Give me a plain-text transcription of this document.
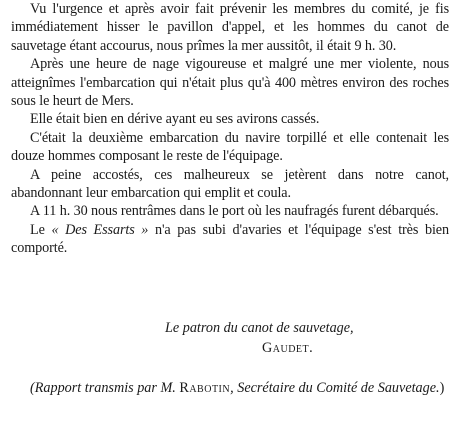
Vu l'urgence et après avoir fait prévenir les membres du comité, je fis immédiatement hisser le pavillon d'appel, et les hommes du canot de sauvetage étant accourus, nous prîmes la mer aussitôt, il était 9 h. 30.

Après une heure de nage vigoureuse et malgré une mer violente, nous atteignîmes l'embarcation qui n'était plus qu'à 400 mètres environ des roches sous le heurt de Mers.

Elle était bien en dérive ayant eu ses avirons cassés.

C'était la deuxième embarcation du navire torpillé et elle contenait les douze hommes composant le reste de l'équipage.

A peine accostés, ces malheureux se jetèrent dans notre canot, abandonnant leur embarcation qui emplit et coula.

A 11 h. 30 nous rentrâmes dans le port où les naufragés furent débarqués.

Le « Des Essarts » n'a pas subi d'avaries et l'équipage s'est très bien comporté.

Le patron du canot de sauvetage,
Gaudet.
(Rapport transmis par M. Rabotin, Secrétaire du Comité de Sauvetage.)
